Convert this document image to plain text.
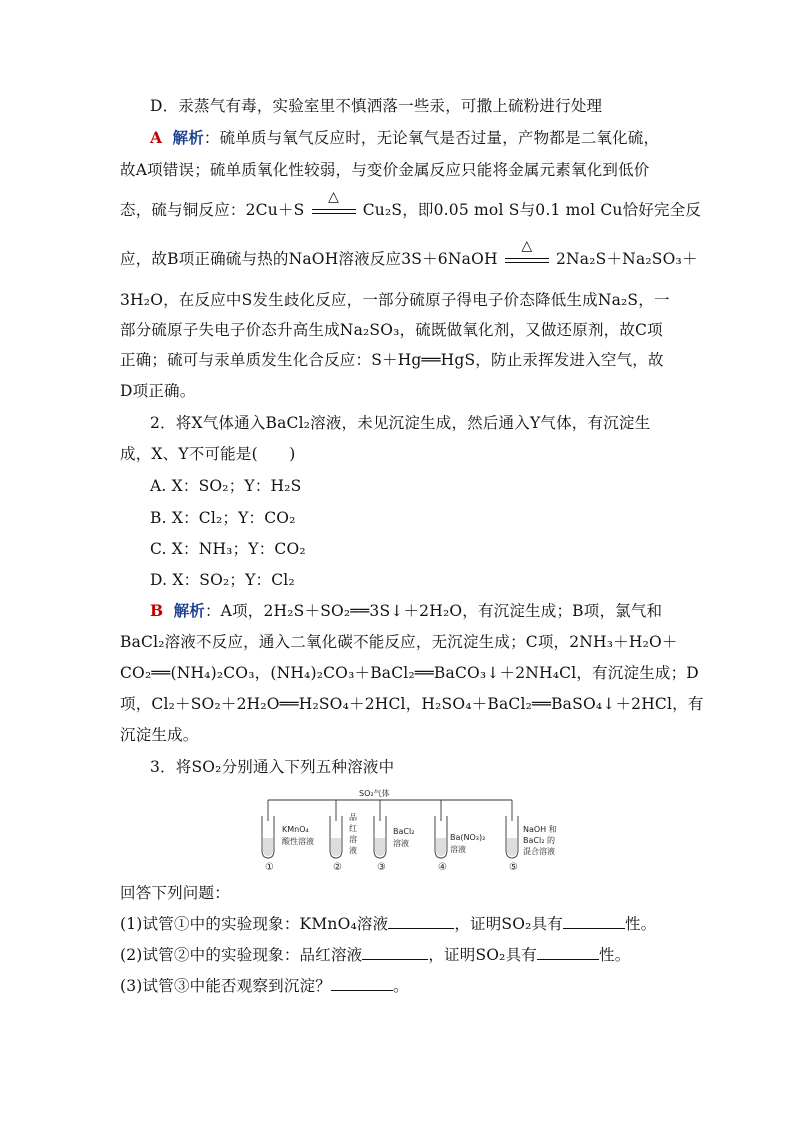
D．汞蒸气有毒，实验室里不慎洒落一些汞，可撒上硫粉进行处理
A 解析：硫单质与氧气反应时，无论氧气是否过量，产物都是二氧化硫，
故A项错误；硫单质氧化性较弱，与变价金属反应只能将金属元素氧化到低价
态，硫与铜反应：2Cu＋S
△
Cu₂S，即0.05 mol S与0.1 mol Cu恰好完全反
应，故B项正确硫与热的NaOH溶液反应3S＋6NaOH
△
2Na₂S＋Na₂SO₃＋
3H₂O，在反应中S发生歧化反应，一部分硫原子得电子价态降低生成Na₂S，一
部分硫原子失电子价态升高生成Na₂SO₃，硫既做氧化剂，又做还原剂，故C项
正确；硫可与汞单质发生化合反应：S＋Hg══HgS，防止汞挥发进入空气，故
D项正确。
2．将X气体通入BaCl₂溶液，未见沉淀生成，然后通入Y气体，有沉淀生
成，X、Y不可能是(　　)
A. X：SO₂；Y：H₂S
B. X：Cl₂；Y：CO₂
C. X：NH₃；Y：CO₂
D. X：SO₂；Y：Cl₂
B 解析：A项，2H₂S＋SO₂══3S↓＋2H₂O，有沉淀生成；B项，氯气和
BaCl₂溶液不反应，通入二氧化碳不能反应，无沉淀生成；C项，2NH₃＋H₂O＋
CO₂══(NH₄)₂CO₃，(NH₄)₂CO₃＋BaCl₂══BaCO₃↓＋2NH₄Cl，有沉淀生成；D
项，Cl₂＋SO₂＋2H₂O══H₂SO₄＋2HCl，H₂SO₄＋BaCl₂══BaSO₄↓＋2HCl，有
沉淀生成。
3．将SO₂分别通入下列五种溶液中
SO₂气体
①
KMnO₄
酸性溶液
②
品
红
溶
液
③
BaCl₂
溶液
④
Ba(NO₃)₂
溶液
⑤
NaOH 和
BaCl₂ 的
混合溶液
回答下列问题：
(1)试管①中的实验现象：KMnO₄溶液	，证明SO₂具有	性。
(2)试管②中的实验现象：品红溶液	，证明SO₂具有	性。
(3)试管③中能否观察到沉淀？	。
